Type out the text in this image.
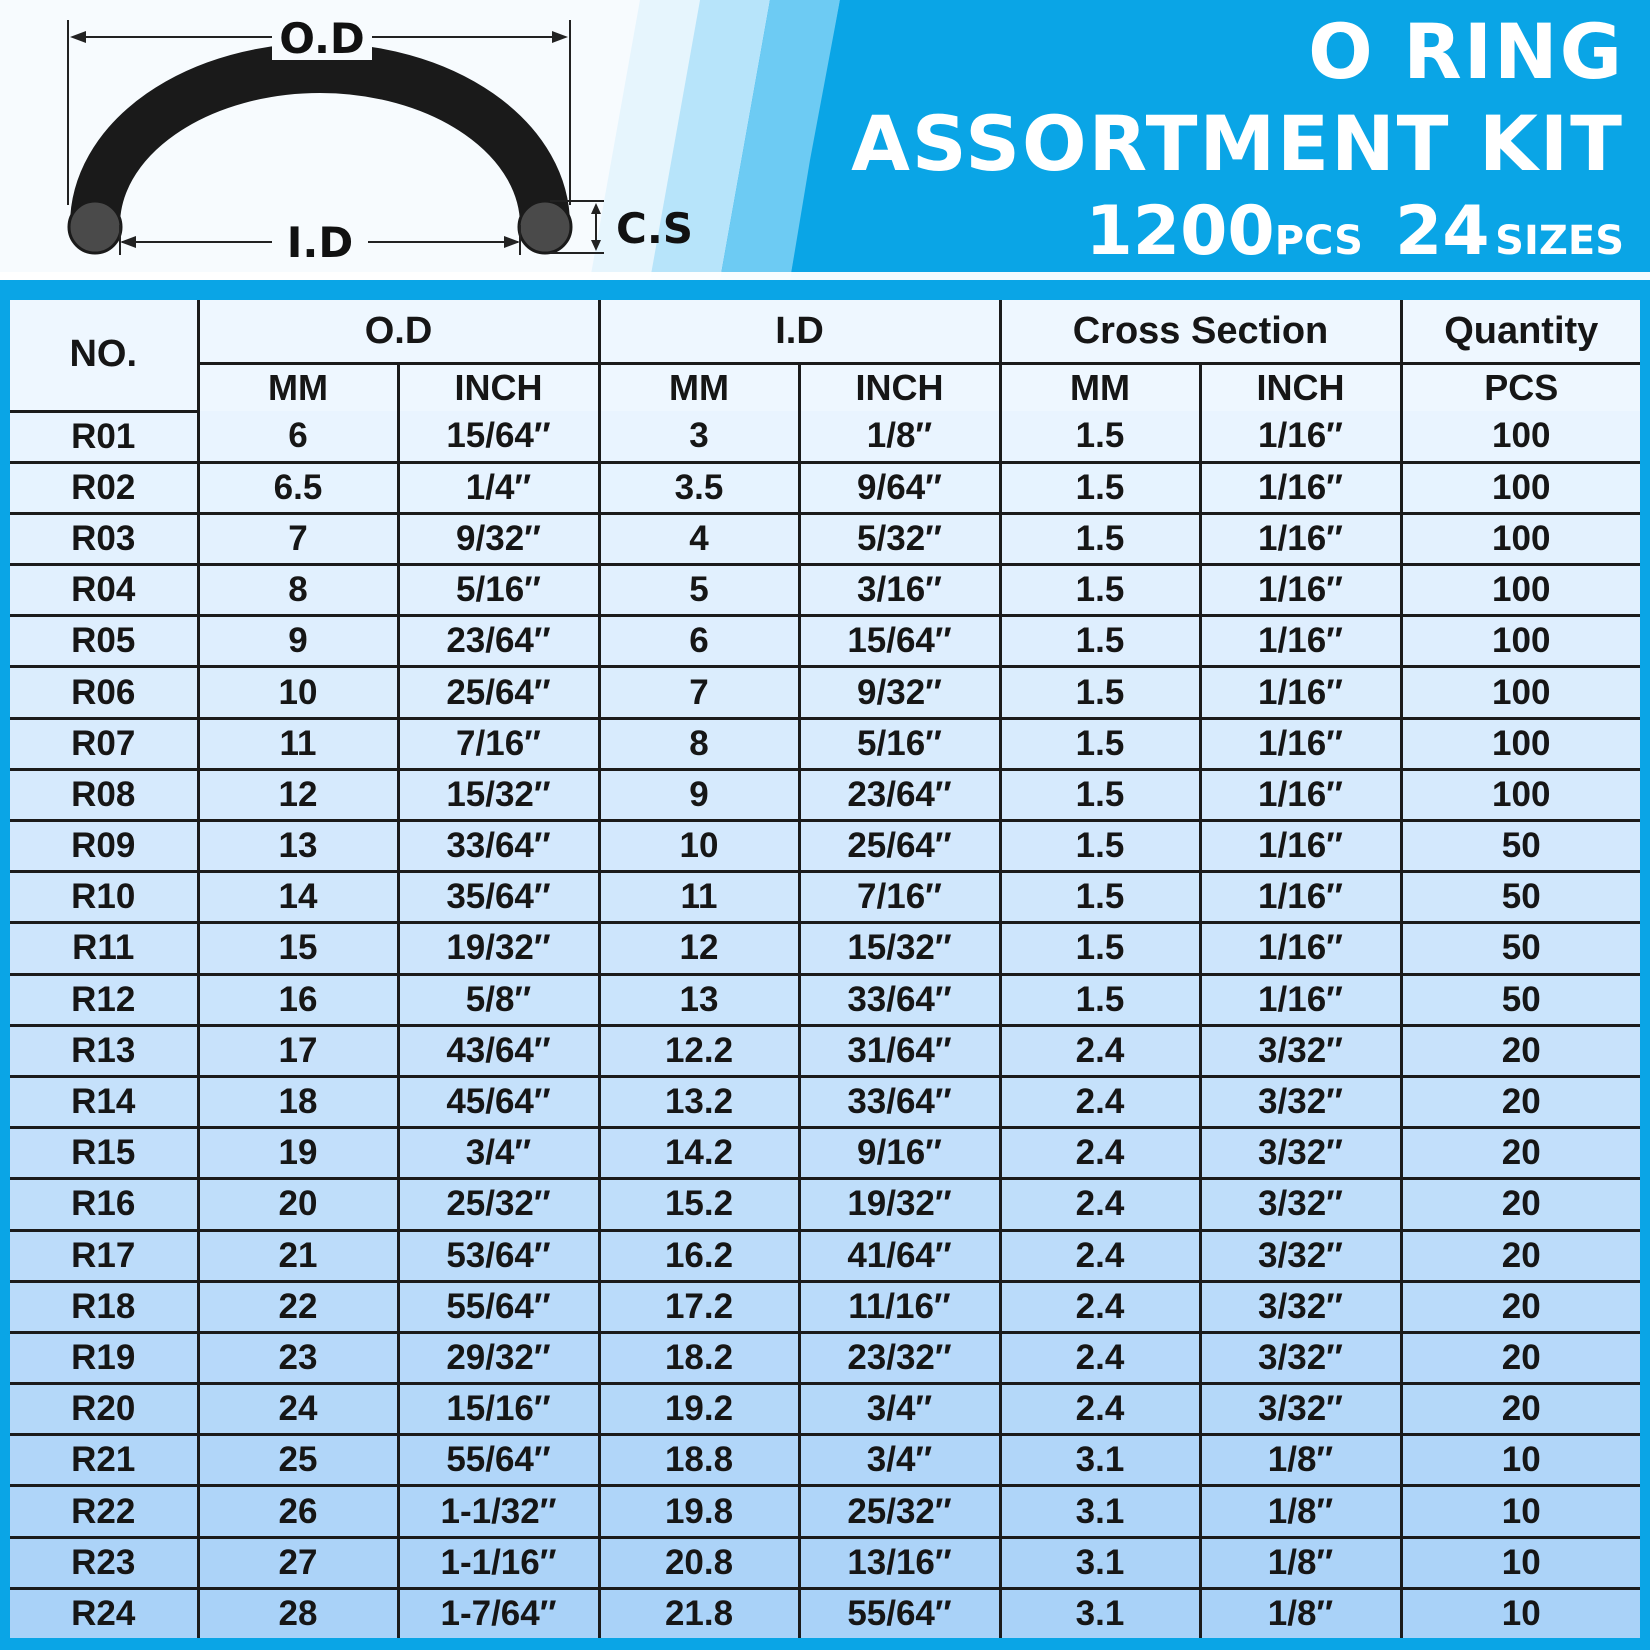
O.D
I.D	C.S
O RING
ASSORTMENT KIT
1200PCS 24 SIZES
NO.	O.D		I.D		Cross Section		Quantity
	MM	INCH	MM	INCH	MM	INCH	PCS
R01	6	15/64″	3	1/8″	1.5	1/16″	100
R02	6.5	1/4″	3.5	9/64″	1.5	1/16″	100
R03	7	9/32″	4	5/32″	1.5	1/16″	100
R04	8	5/16″	5	3/16″	1.5	1/16″	100
R05	9	23/64″	6	15/64″	1.5	1/16″	100
R06	10	25/64″	7	9/32″	1.5	1/16″	100
R07	11	7/16″	8	5/16″	1.5	1/16″	100
R08	12	15/32″	9	23/64″	1.5	1/16″	100
R09	13	33/64″	10	25/64″	1.5	1/16″	50
R10	14	35/64″	11	7/16″	1.5	1/16″	50
R11	15	19/32″	12	15/32″	1.5	1/16″	50
R12	16	5/8″	13	33/64″	1.5	1/16″	50
R13	17	43/64″	12.2	31/64″	2.4	3/32″	20
R14	18	45/64″	13.2	33/64″	2.4	3/32″	20
R15	19	3/4″	14.2	9/16″	2.4	3/32″	20
R16	20	25/32″	15.2	19/32″	2.4	3/32″	20
R17	21	53/64″	16.2	41/64″	2.4	3/32″	20
R18	22	55/64″	17.2	11/16″	2.4	3/32″	20
R19	23	29/32″	18.2	23/32″	2.4	3/32″	20
R20	24	15/16″	19.2	3/4″	2.4	3/32″	20
R21	25	55/64″	18.8	3/4″	3.1	1/8″	10
R22	26	1-1/32″	19.8	25/32″	3.1	1/8″	10
R23	27	1-1/16″	20.8	13/16″	3.1	1/8″	10
R24	28	1-7/64″	21.8	55/64″	3.1	1/8″	10
